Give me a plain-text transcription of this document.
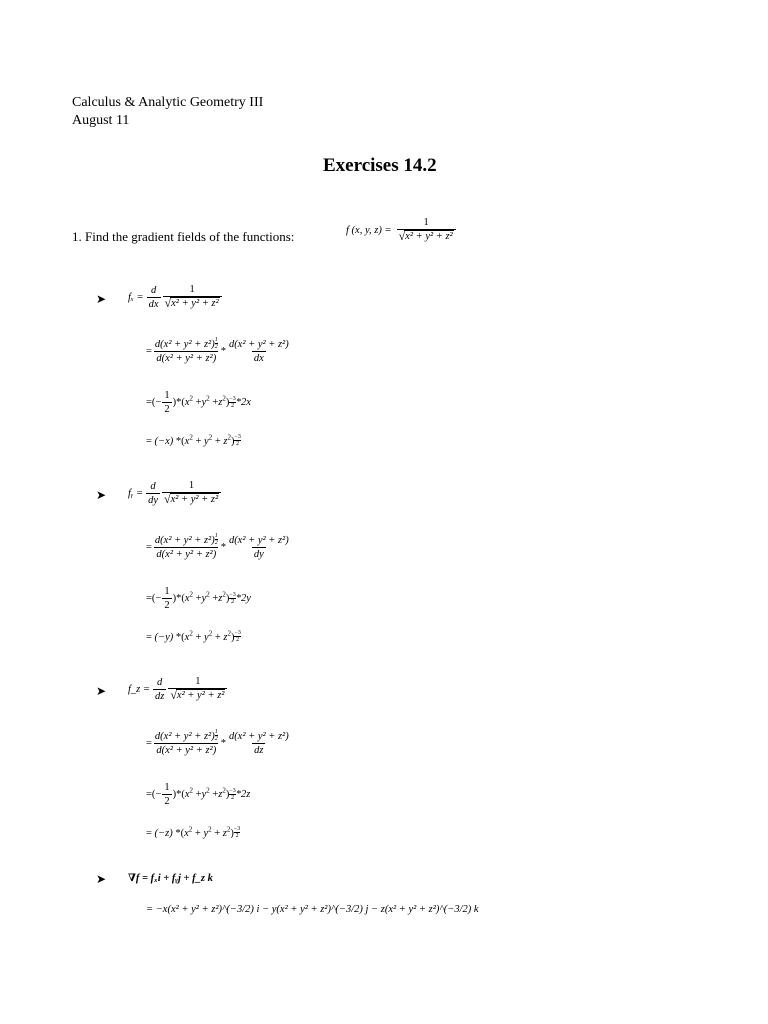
Calculus & Analytic Geometry III
August 11
Exercises 14.2
1. Find the gradient fields of the functions:	f (x, y, $z) = \frac{1}{\text{√ x² + y² + z²}}$
➤ $f_x = \frac{d}{dx} \frac{1}{\text{√ x² + y² + z²}}$
= $\frac{d(x^2 + y^2 + z^2) \frac{1}{2}}{\text{d(x² + y² + z²)}} * \frac{\text{d(x² + y² + z²)}}{dx}$
=(− $\frac{1}{2} )*(x^2 +y^2 +z^2) -3$
2 *2x
= (−x) $*(x^2 + y^2 + z^2) \frac{-3}{2}$
➤ fᵧ = $\frac{d}{dy} \frac{1}{\text{√ x² + y² + z²}}$
= $\frac{d(x^2 + y^2 + z^2) \frac{1}{2}}{\text{d(x² + y² + z²)}} * \frac{\text{d(x² + y² + z²)}}{dy}$
=(− $\frac{1}{2} )*(x^2 +y^2 +z^2) -3$
2 *2y
= (−y) $*(x^2 + y^2 + z^2) \frac{-3}{2}$
➤ f_z = $\frac{d}{dz} \frac{1}{\text{√ x² + y² + z²}}$
= $\frac{d(x^2 + y^2 + z^2) \frac{1}{2}}{\text{d(x² + y² + z²)}} * \frac{\text{d(x² + y² + z²)}}{dz}$
=(− $\frac{1}{2} )*(x^2 +y^2 +z^2) -3$
2 *2z
= (−z) $*(x^2 + y^2 + z^2) \frac{-3}{2}$
➤ ∇f = fₓi + fᵧj + f_z k
= −x(x² + y² + z²)^(−3/2) i − y(x² + y² + z²)^(−3/2) j − z(x² + y² + z²)^(−3/2) k
